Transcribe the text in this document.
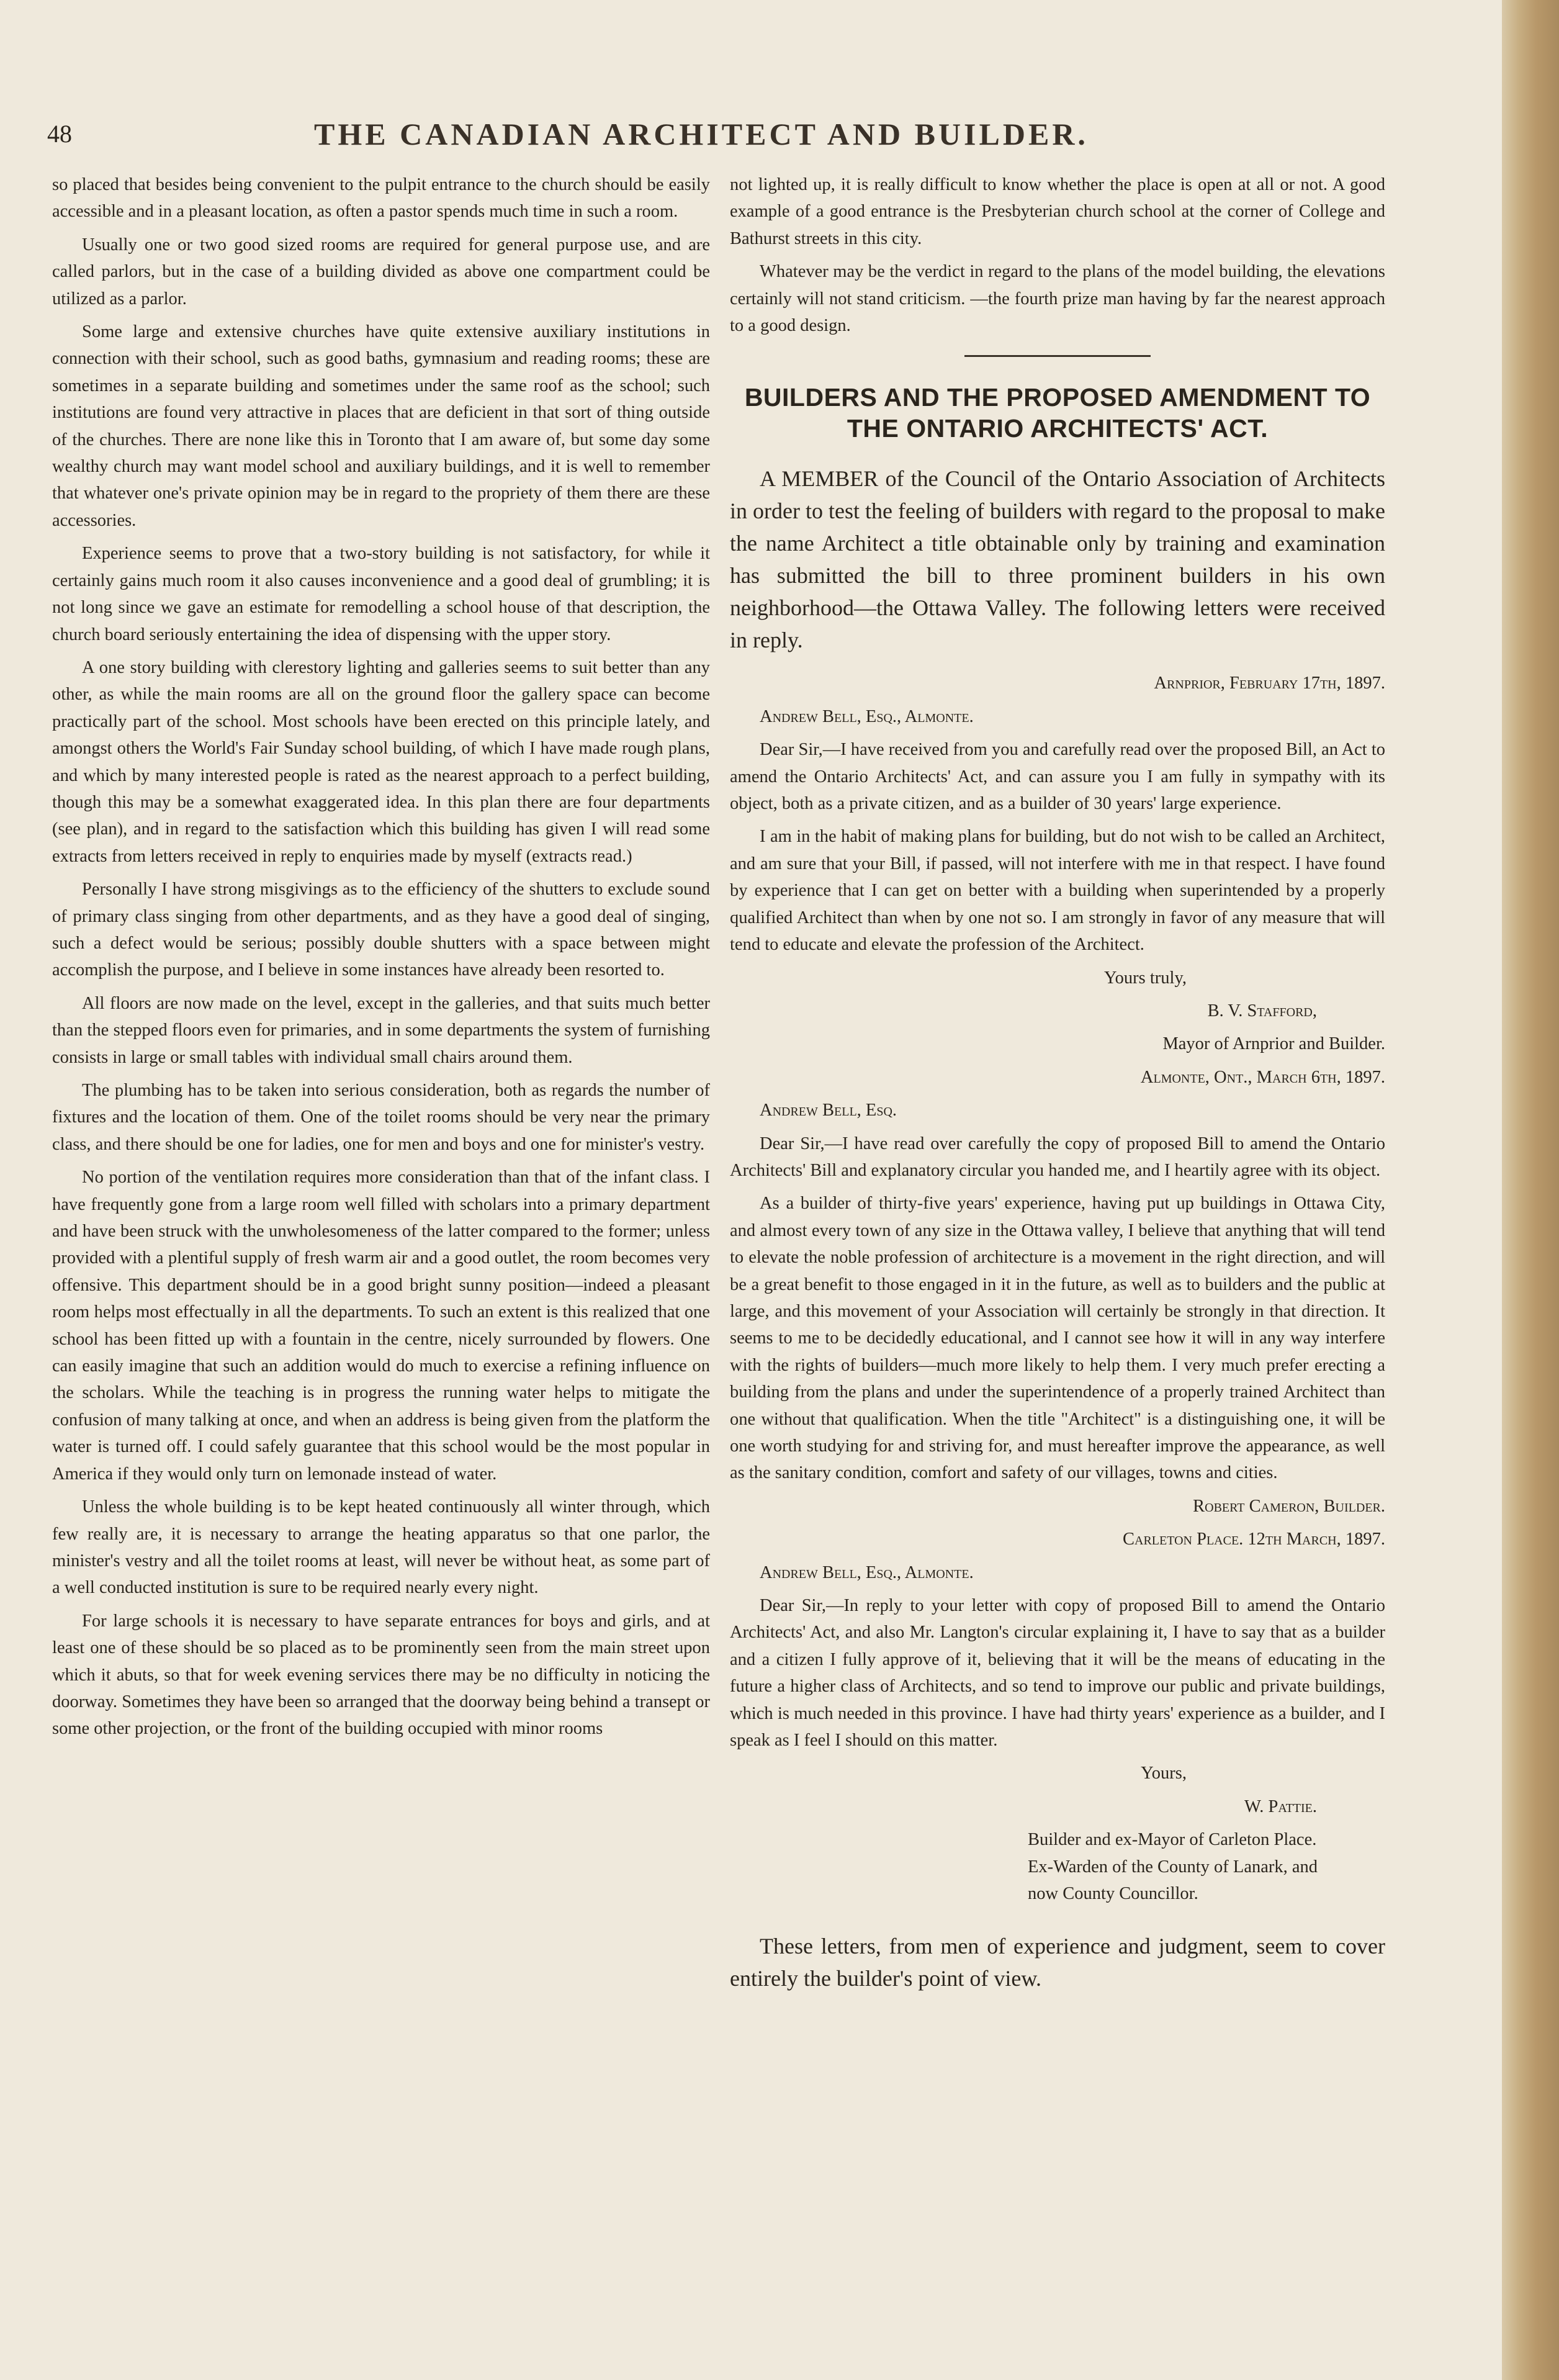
48	THE CANADIAN ARCHITECT AND BUILDER.

so placed that besides being convenient to the pulpit entrance to the church should be easily accessible and in a pleasant location, as often a pastor spends much time in such a room.

Usually one or two good sized rooms are required for general purpose use, and are called parlors, but in the case of a building divided as above one compartment could be utilized as a parlor.

Some large and extensive churches have quite extensive auxiliary institutions in connection with their school, such as good baths, gymnasium and reading rooms; these are sometimes in a separate building and sometimes under the same roof as the school; such institutions are found very attractive in places that are deficient in that sort of thing outside of the churches. There are none like this in Toronto that I am aware of, but some day some wealthy church may want model school and auxiliary buildings, and it is well to remember that whatever one's private opinion may be in regard to the propriety of them there are these accessories.

Experience seems to prove that a two-story building is not satisfactory, for while it certainly gains much room it also causes inconvenience and a good deal of grumbling; it is not long since we gave an estimate for remodelling a school house of that description, the church board seriously entertaining the idea of dispensing with the upper story.

A one story building with clerestory lighting and galleries seems to suit better than any other, as while the main rooms are all on the ground floor the gallery space can become practically part of the school. Most schools have been erected on this principle lately, and amongst others the World's Fair Sunday school building, of which I have made rough plans, and which by many interested people is rated as the nearest approach to a perfect building, though this may be a somewhat exaggerated idea. In this plan there are four departments (see plan), and in regard to the satisfaction which this building has given I will read some extracts from letters received in reply to enquiries made by myself (extracts read.)

Personally I have strong misgivings as to the efficiency of the shutters to exclude sound of primary class singing from other departments, and as they have a good deal of singing, such a defect would be serious; possibly double shutters with a space between might accomplish the purpose, and I believe in some instances have already been resorted to.

All floors are now made on the level, except in the galleries, and that suits much better than the stepped floors even for primaries, and in some departments the system of furnishing consists in large or small tables with individual small chairs around them.

The plumbing has to be taken into serious consideration, both as regards the number of fixtures and the location of them. One of the toilet rooms should be very near the primary class, and there should be one for ladies, one for men and boys and one for minister's vestry.

No portion of the ventilation requires more consideration than that of the infant class. I have frequently gone from a large room well filled with scholars into a primary department and have been struck with the unwholesomeness of the latter compared to the former; unless provided with a plentiful supply of fresh warm air and a good outlet, the room becomes very offensive. This department should be in a good bright sunny position—indeed a pleasant room helps most effectually in all the departments. To such an extent is this realized that one school has been fitted up with a fountain in the centre, nicely surrounded by flowers. One can easily imagine that such an addition would do much to exercise a refining influence on the scholars. While the teaching is in progress the running water helps to mitigate the confusion of many talking at once, and when an address is being given from the platform the water is turned off. I could safely guarantee that this school would be the most popular in America if they would only turn on lemonade instead of water.

Unless the whole building is to be kept heated continuously all winter through, which few really are, it is necessary to arrange the heating apparatus so that one parlor, the minister's vestry and all the toilet rooms at least, will never be without heat, as some part of a well conducted institution is sure to be required nearly every night.

For large schools it is necessary to have separate entrances for boys and girls, and at least one of these should be so placed as to be prominently seen from the main street upon which it abuts, so that for week evening services there may be no difficulty in noticing the doorway. Sometimes they have been so arranged that the doorway being behind a transept or some other projection, or the front of the building occupied with minor rooms

not lighted up, it is really difficult to know whether the place is open at all or not. A good example of a good entrance is the Presbyterian church school at the corner of College and Bathurst streets in this city.

Whatever may be the verdict in regard to the plans of the model building, the elevations certainly will not stand criticism. —the fourth prize man having by far the nearest approach to a good design.

BUILDERS AND THE PROPOSED AMENDMENT TO THE ONTARIO ARCHITECTS' ACT.

A MEMBER of the Council of the Ontario Association of Architects in order to test the feeling of builders with regard to the proposal to make the name Architect a title obtainable only by training and examination has submitted the bill to three prominent builders in his own neighborhood—the Ottawa Valley. The following letters were received in reply.

Arnprior, February 17th, 1897.

Andrew Bell, Esq., Almonte.

Dear Sir,—I have received from you and carefully read over the proposed Bill, an Act to amend the Ontario Architects' Act, and can assure you I am fully in sympathy with its object, both as a private citizen, and as a builder of 30 years' large experience.

I am in the habit of making plans for building, but do not wish to be called an Architect, and am sure that your Bill, if passed, will not interfere with me in that respect. I have found by experience that I can get on better with a building when superintended by a properly qualified Architect than when by one not so. I am strongly in favor of any measure that will tend to educate and elevate the profession of the Architect.

Yours truly,

B. V. Stafford,

Mayor of Arnprior and Builder.

Almonte, Ont., March 6th, 1897.

Andrew Bell, Esq.

Dear Sir,—I have read over carefully the copy of proposed Bill to amend the Ontario Architects' Bill and explanatory circular you handed me, and I heartily agree with its object.

As a builder of thirty-five years' experience, having put up buildings in Ottawa City, and almost every town of any size in the Ottawa valley, I believe that anything that will tend to elevate the noble profession of architecture is a movement in the right direction, and will be a great benefit to those engaged in it in the future, as well as to builders and the public at large, and this movement of your Association will certainly be strongly in that direction. It seems to me to be decidedly educational, and I cannot see how it will in any way interfere with the rights of builders—much more likely to help them. I very much prefer erecting a building from the plans and under the superintendence of a properly trained Architect than one without that qualification. When the title "Architect" is a distinguishing one, it will be one worth studying for and striving for, and must hereafter improve the appearance, as well as the sanitary condition, comfort and safety of our villages, towns and cities.

Robert Cameron, Builder.

Carleton Place. 12th March, 1897.

Andrew Bell, Esq., Almonte.

Dear Sir,—In reply to your letter with copy of proposed Bill to amend the Ontario Architects' Act, and also Mr. Langton's circular explaining it, I have to say that as a builder and a citizen I fully approve of it, believing that it will be the means of educating in the future a higher class of Architects, and so tend to improve our public and private buildings, which is much needed in this province. I have had thirty years' experience as a builder, and I speak as I feel I should on this matter.

Yours,

W. Pattie.

Builder and ex-Mayor of Carleton Place.
Ex-Warden of the County of Lanark, and
now County Councillor.

These letters, from men of experience and judgment, seem to cover entirely the builder's point of view.
